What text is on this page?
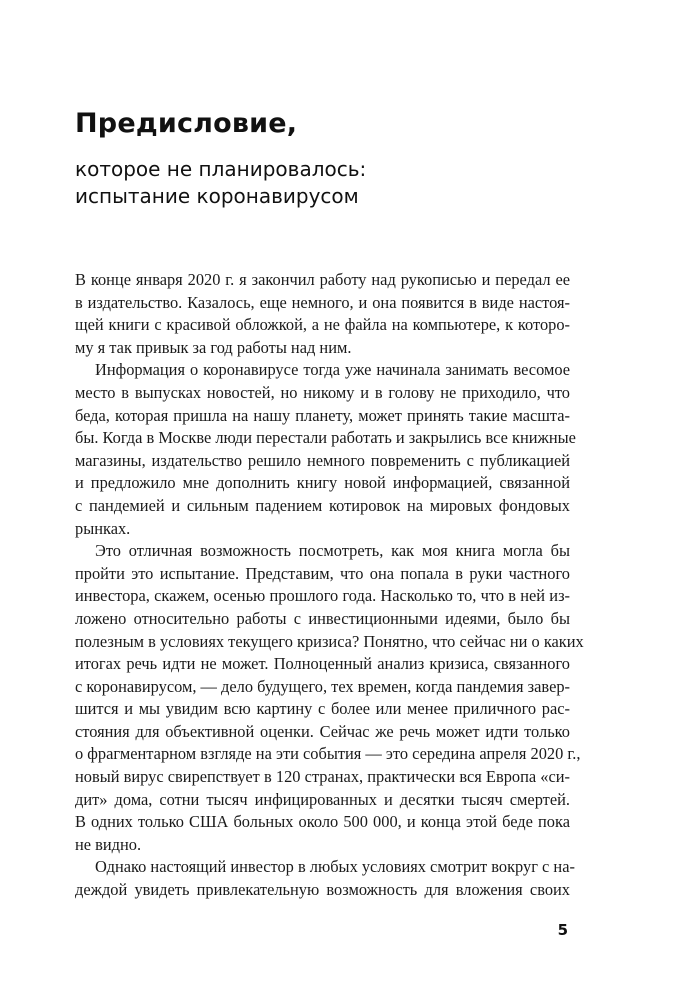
Предисловие,
которое не планировалось:
испытание коронавирусом

В конце января 2020 г. я закончил работу над рукописью и передал ее
в издательство. Казалось, еще немного, и она появится в виде настоя-
щей книги с красивой обложкой, а не файла на компьютере, к которо-
му я так привык за год работы над ним.

Информация о коронавирусе тогда уже начинала занимать весомое
место в выпусках новостей, но никому и в голову не приходило, что
беда, которая пришла на нашу планету, может принять такие масшта-
бы. Когда в Москве люди перестали работать и закрылись все книжные
магазины, издательство решило немного повременить с публикацией
и предложило мне дополнить книгу новой информацией, связанной
с пандемией и сильным падением котировок на мировых фондовых
рынках.

Это отличная возможность посмотреть, как моя книга могла бы
пройти это испытание. Представим, что она попала в руки частного
инвестора, скажем, осенью прошлого года. Насколько то, что в ней из-
ложено относительно работы с инвестиционными идеями, было бы
полезным в условиях текущего кризиса? Понятно, что сейчас ни о каких
итогах речь идти не может. Полноценный анализ кризиса, связанного
с коронавирусом, — дело будущего, тех времен, когда пандемия завер-
шится и мы увидим всю картину с более или менее приличного рас-
стояния для объективной оценки. Сейчас же речь может идти только
о фрагментарном взгляде на эти события — это середина апреля 2020 г.,
новый вирус свирепствует в 120 странах, практически вся Европа «си-
дит» дома, сотни тысяч инфицированных и десятки тысяч смертей.
В одних только США больных около 500 000, и конца этой беде пока
не видно.

Однако настоящий инвестор в любых условиях смотрит вокруг с на-
деждой увидеть привлекательную возможность для вложения своих

5
